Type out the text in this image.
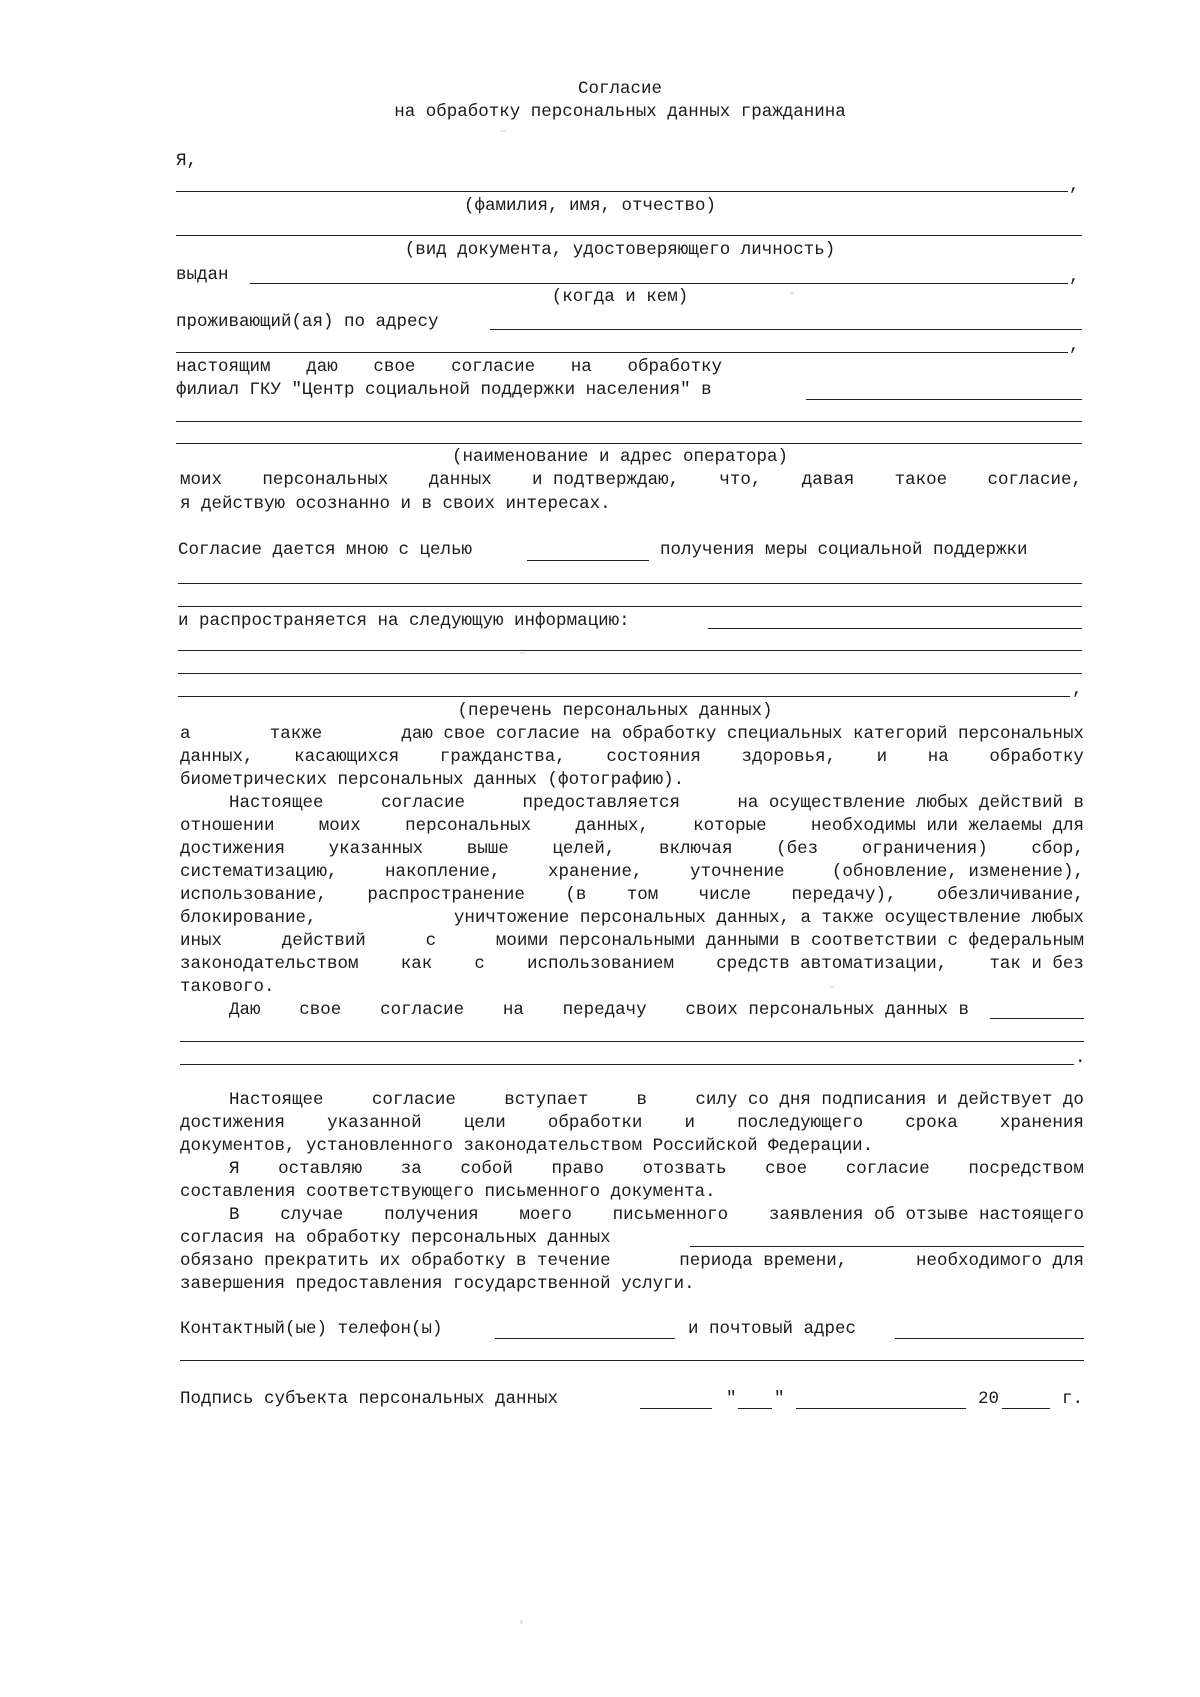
Согласие
на обработку персональных данных гражданина
Я,
,
(фамилия, имя, отчество)
(вид документа, удостоверяющего личность)
выдан	,
(когда и кем)
проживающий(ая) по адресу
,
настоящим даю свое согласие на обработку
филиал ГКУ "Центр социальной поддержки населения" в
(наименование и адрес оператора)
моих персональных данных и подтверждаю, что, давая такое согласие,
я действую осознанно и в своих интересах.
Согласие дается мною с целью	получения меры социальной поддержки
и распространяется на следующую информацию:
,
(перечень персональных данных)
а	также	даю свое согласие на обработку специальных категорий персональных
данных, касающихся гражданства, состояния здоровья, и на обработку
биометрических персональных данных (фотографию).
Настоящее	согласие	предоставляется	на осуществление любых действий в
отношении	моих	персональных	данных,	которые	необходимы или желаемы для
достижения указанных выше целей, включая (без ограничения) сбор,
систематизацию,	накопление,	хранение,	уточнение	(обновление, изменение),
использование, распространение (в том числе передачу), обезличивание,
блокирование,	уничтожение персональных данных, а также осуществление любых
иных	действий	с	моими персональными данными в соответствии с федеральным
законодательством как с использованием средств автоматизации, так и без
такового.
Даю свое согласие на передачу своих персональных данных в
.
Настоящее	согласие	вступает	в	силу со дня подписания и действует до
достижения указанной цели обработки и последующего срока хранения
документов, установленного законодательством Российской Федерации.
Я оставляю за собой право отозвать свое согласие посредством
составления соответствующего письменного документа.
В случае получения моего письменного заявления об отзыве настоящего
согласия на обработку персональных данных
обязано прекратить их обработку в течение	периода времени,	необходимого для
завершения предоставления государственной услуги.
Контактный(ые) телефон(ы)	и почтовый адрес
Подпись субъекта персональных данных	" "	20	г.
